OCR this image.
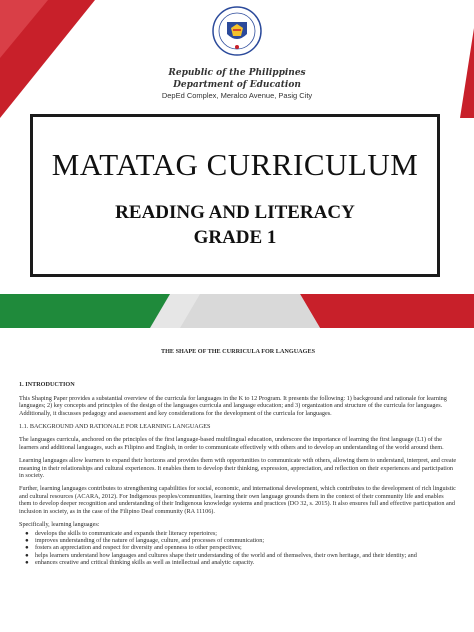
Republic of the Philippines
Department of Education
DepEd Complex, Meralco Avenue, Pasig City
MATATAG CURRICULUM
READING AND LITERACY
GRADE 1

THE SHAPE OF THE CURRICULA FOR LANGUAGES

1. INTRODUCTION

This Shaping Paper provides a substantial overview of the curricula for languages in the K to 12 Program. It presents the following: 1) background and rationale for learning languages; 2) key concepts and principles of the design of the languages curricula and language education; and 3) organization and structure of the curricula for languages. Additionally, it discusses pedagogy and assessment and key considerations for the development of the curricula for languages.

1.1. BACKGROUND AND RATIONALE FOR LEARNING LANGUAGES

The languages curricula, anchored on the principles of the first language-based multilingual education, underscore the importance of learning the first language (L1) of the learners and additional languages, such as Filipino and English, in order to communicate effectively with others and to develop an understanding of the world around them.

Learning languages allow learners to expand their horizons and provides them with opportunities to communicate with others, allowing them to understand, interpret, and create meaning in their relationships and cultural experiences. It enables them to develop their thinking, expression, appreciation, and reflection on their experiences and participation in society.

Further, learning languages contributes to strengthening capabilities for social, economic, and international development, which contributes to the development of rich linguistic and cultural resources (ACARA, 2012). For Indigenous peoples/communities, learning their own language grounds them in the context of their community life and enables them to develop deeper recognition and understanding of their Indigenous knowledge systems and practices (DO 32, s. 2015). It also ensures full and effective participation and inclusion in society, as in the case of the Filipino Deaf community (RA 11106).

Specifically, learning languages:

● develops the skills to communicate and expands their literacy repertoires;
● improves understanding of the nature of language, culture, and processes of communication;
● fosters an appreciation and respect for diversity and openness to other perspectives;
● helps learners understand how languages and cultures shape their understanding of the world and of themselves, their own heritage, and their identity; and
● enhances creative and critical thinking skills as well as intellectual and analytic capacity.
